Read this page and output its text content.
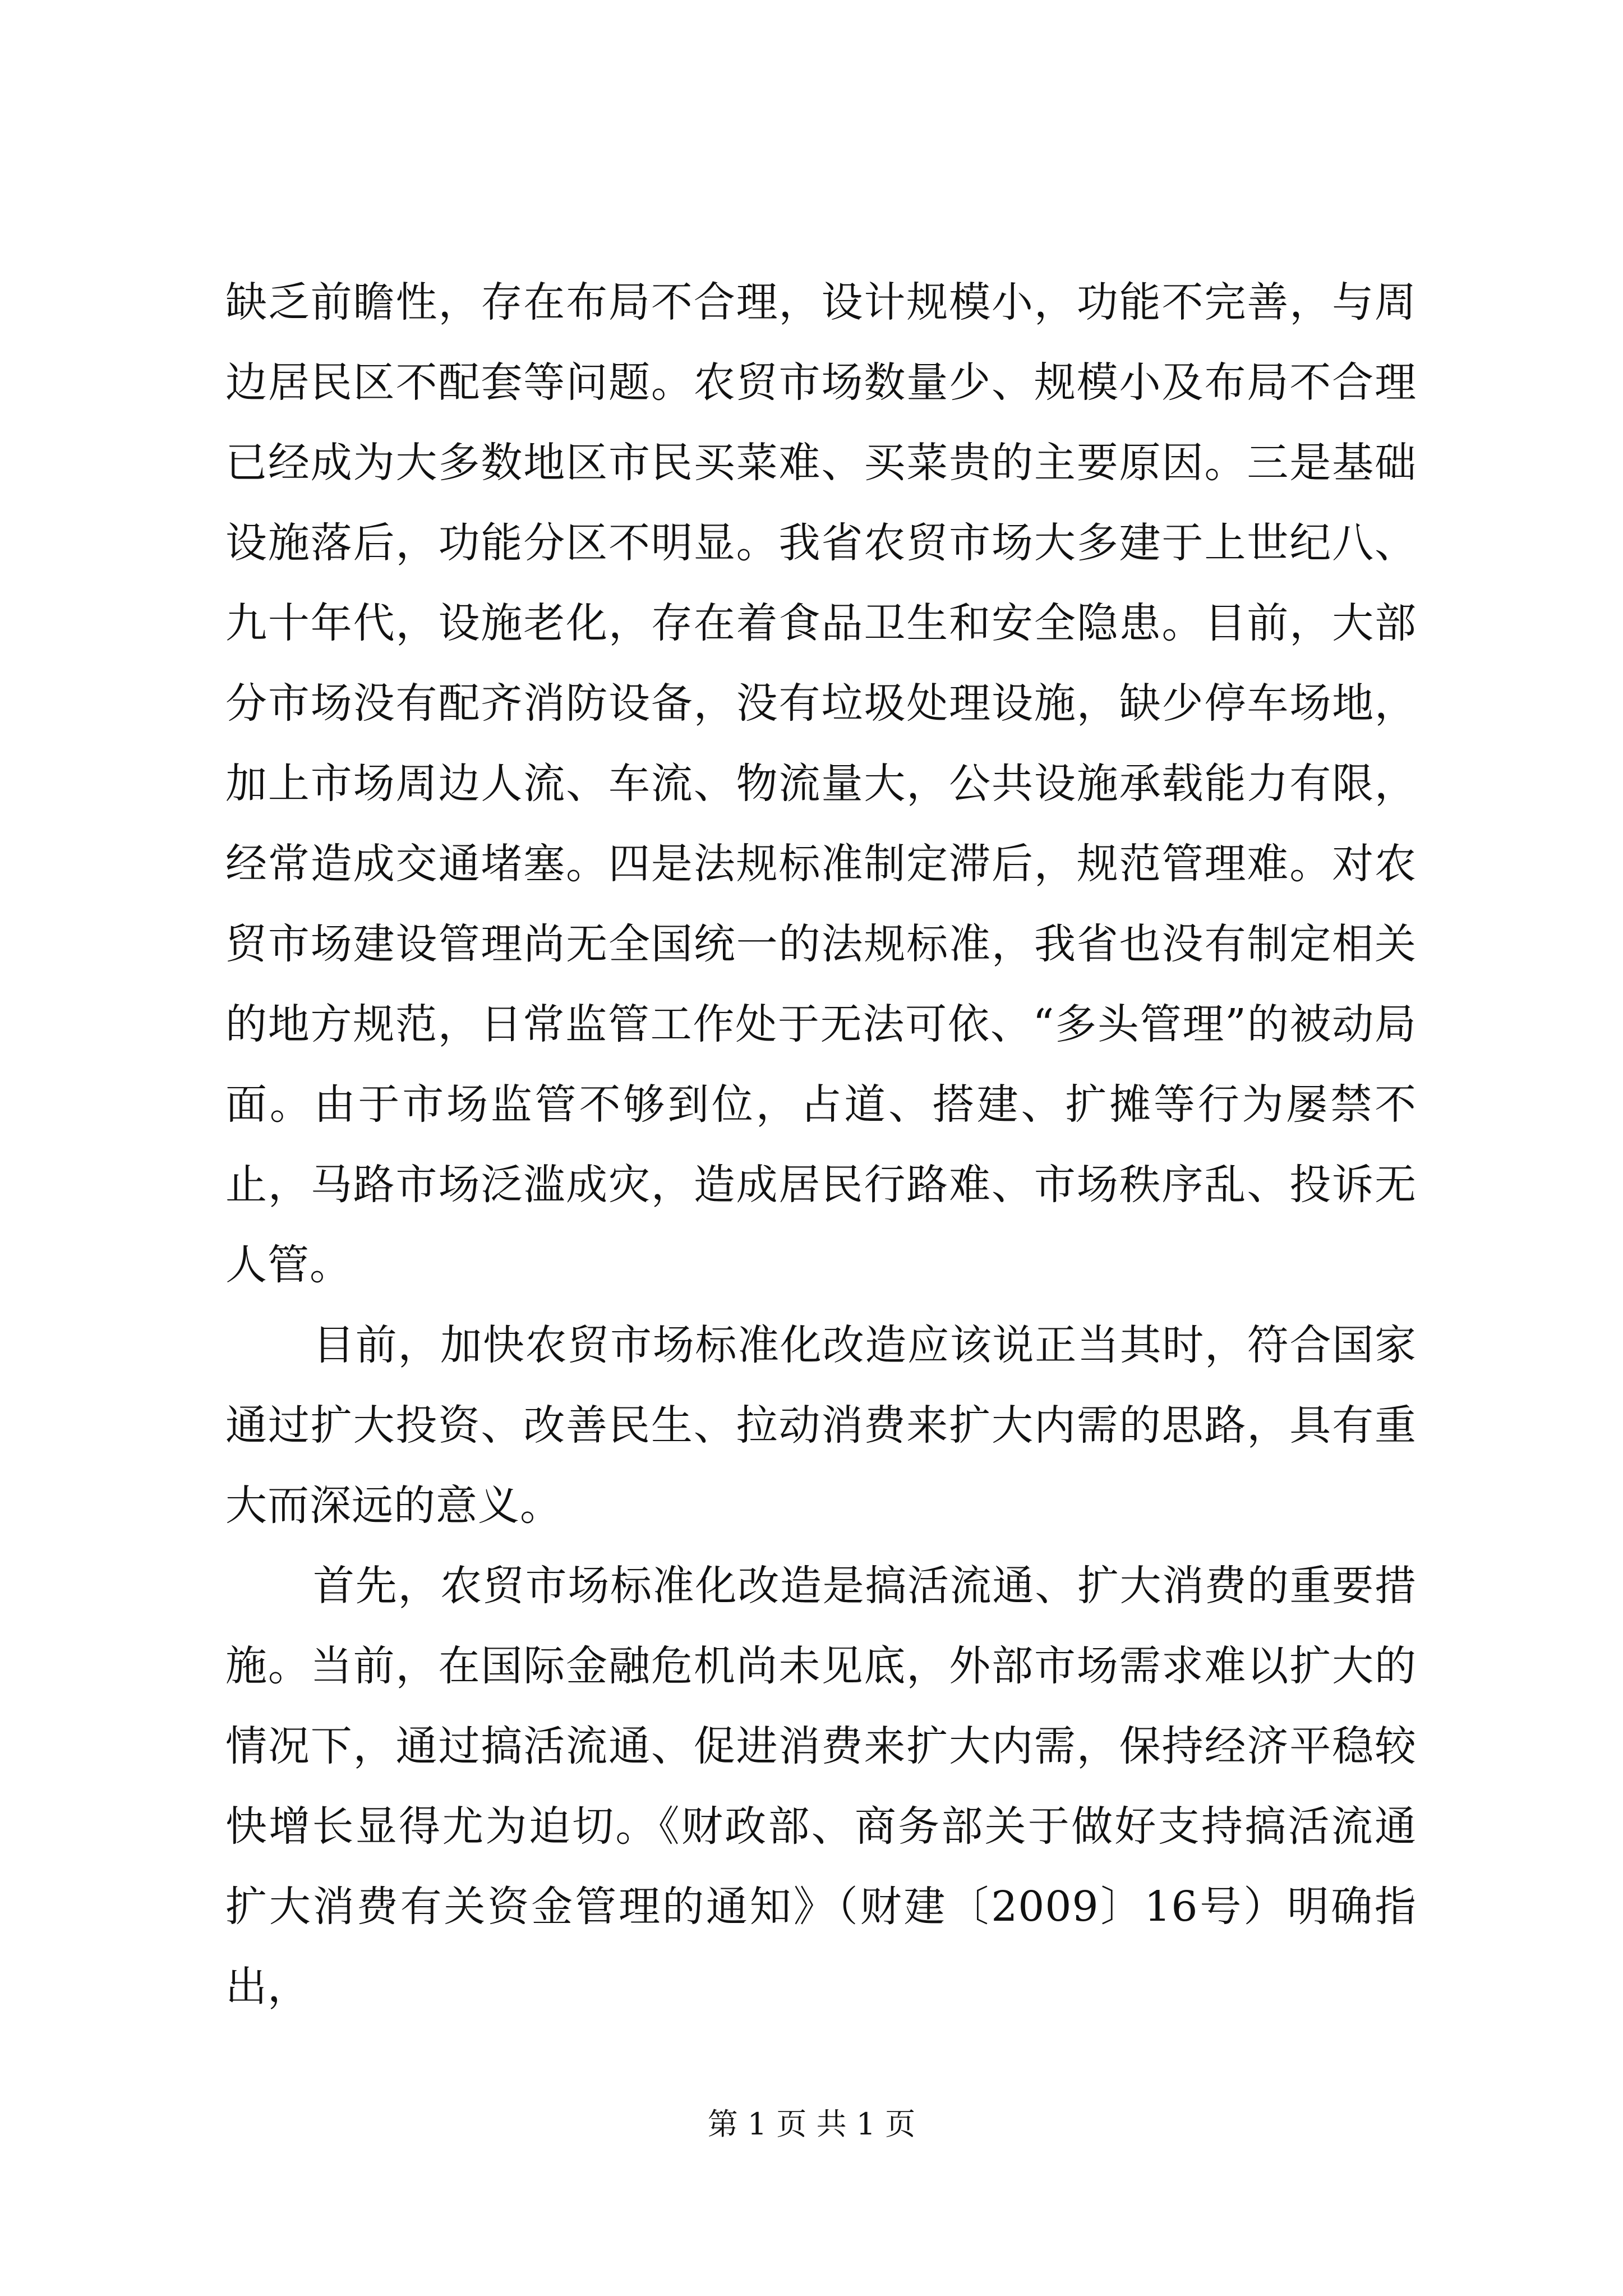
缺乏前瞻性，存在布局不合理，设计规模小，功能不完善，与周边居民区不配套等问题。农贸市场数量少、规模小及布局不合理已经成为大多数地区市民买菜难、买菜贵的主要原因。三是基础设施落后，功能分区不明显。我省农贸市场大多建于上世纪八、九十年代，设施老化，存在着食品卫生和安全隐患。目前，大部分市场没有配齐消防设备，没有垃圾处理设施，缺少停车场地，加上市场周边人流、车流、物流量大，公共设施承载能力有限，经常造成交通堵塞。四是法规标准制定滞后，规范管理难。对农贸市场建设管理尚无全国统一的法规标准，我省也没有制定相关的地方规范，日常监管工作处于无法可依、“多头管理”的被动局面。由于市场监管不够到位，占道、搭建、扩摊等行为屡禁不止，马路市场泛滥成灾，造成居民行路难、市场秩序乱、投诉无人管。

目前，加快农贸市场标准化改造应该说正当其时，符合国家通过扩大投资、改善民生、拉动消费来扩大内需的思路，具有重大而深远的意义。

首先，农贸市场标准化改造是搞活流通、扩大消费的重要措施。当前，在国际金融危机尚未见底，外部市场需求难以扩大的情况下，通过搞活流通、促进消费来扩大内需，保持经济平稳较快增长显得尤为迫切。《财政部、商务部关于做好支持搞活流通扩大消费有关资金管理的通知》（财建〔2009〕16号）明确指出，

第 1 页 共 1 页
